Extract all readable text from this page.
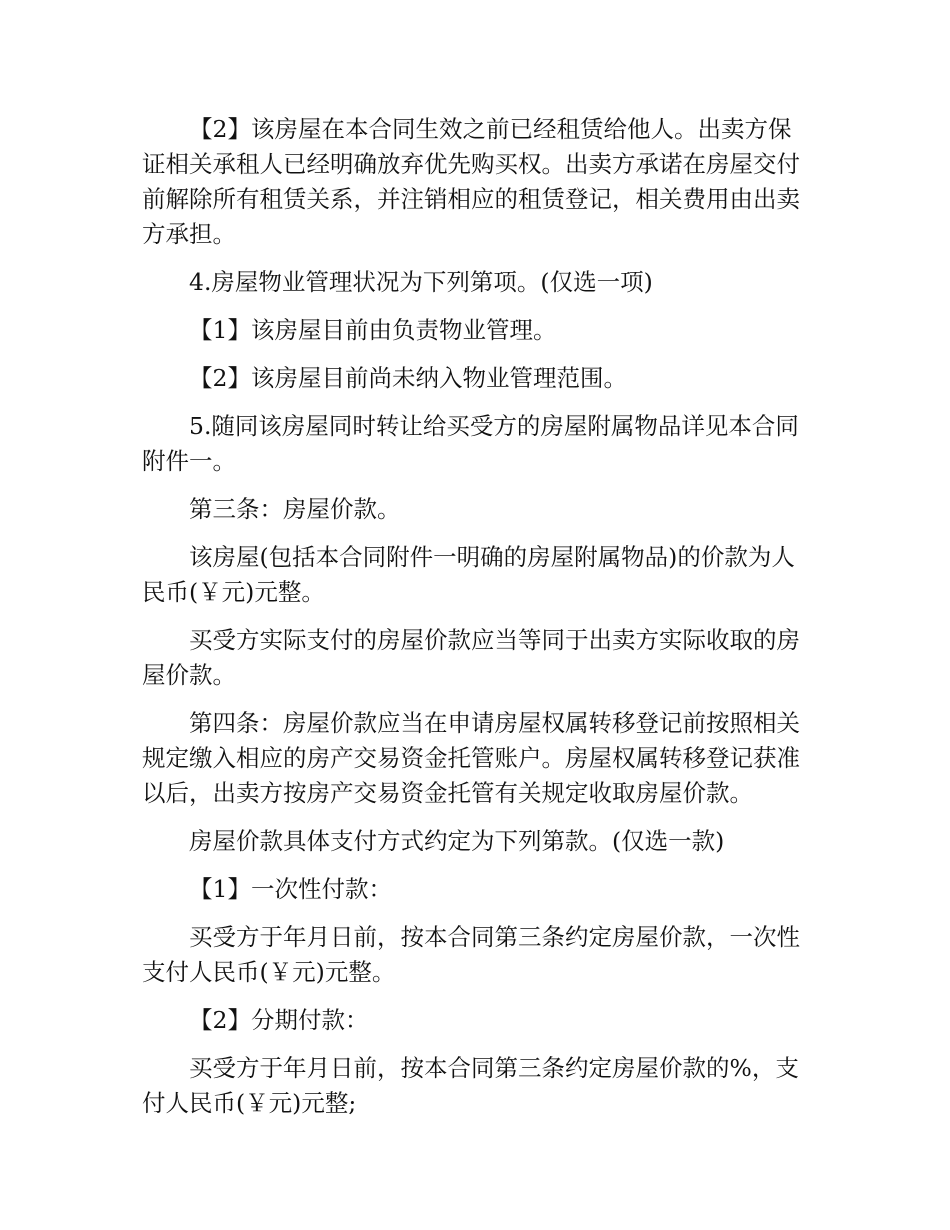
【2】该房屋在本合同生效之前已经租赁给他人。出卖方保证相关承租人已经明确放弃优先购买权。出卖方承诺在房屋交付前解除所有租赁关系，并注销相应的租赁登记，相关费用由出卖方承担。

4.房屋物业管理状况为下列第项。(仅选一项)

【1】该房屋目前由负责物业管理。

【2】该房屋目前尚未纳入物业管理范围。

5.随同该房屋同时转让给买受方的房屋附属物品详见本合同附件一。

第三条：房屋价款。

该房屋(包括本合同附件一明确的房屋附属物品)的价款为人民币(￥元)元整。

买受方实际支付的房屋价款应当等同于出卖方实际收取的房屋价款。

第四条：房屋价款应当在申请房屋权属转移登记前按照相关规定缴入相应的房产交易资金托管账户。房屋权属转移登记获准以后，出卖方按房产交易资金托管有关规定收取房屋价款。

房屋价款具体支付方式约定为下列第款。(仅选一款)

【1】一次性付款：

买受方于年月日前，按本合同第三条约定房屋价款，一次性支付人民币(￥元)元整。

【2】分期付款：

买受方于年月日前，按本合同第三条约定房屋价款的%，支付人民币(￥元)元整;
